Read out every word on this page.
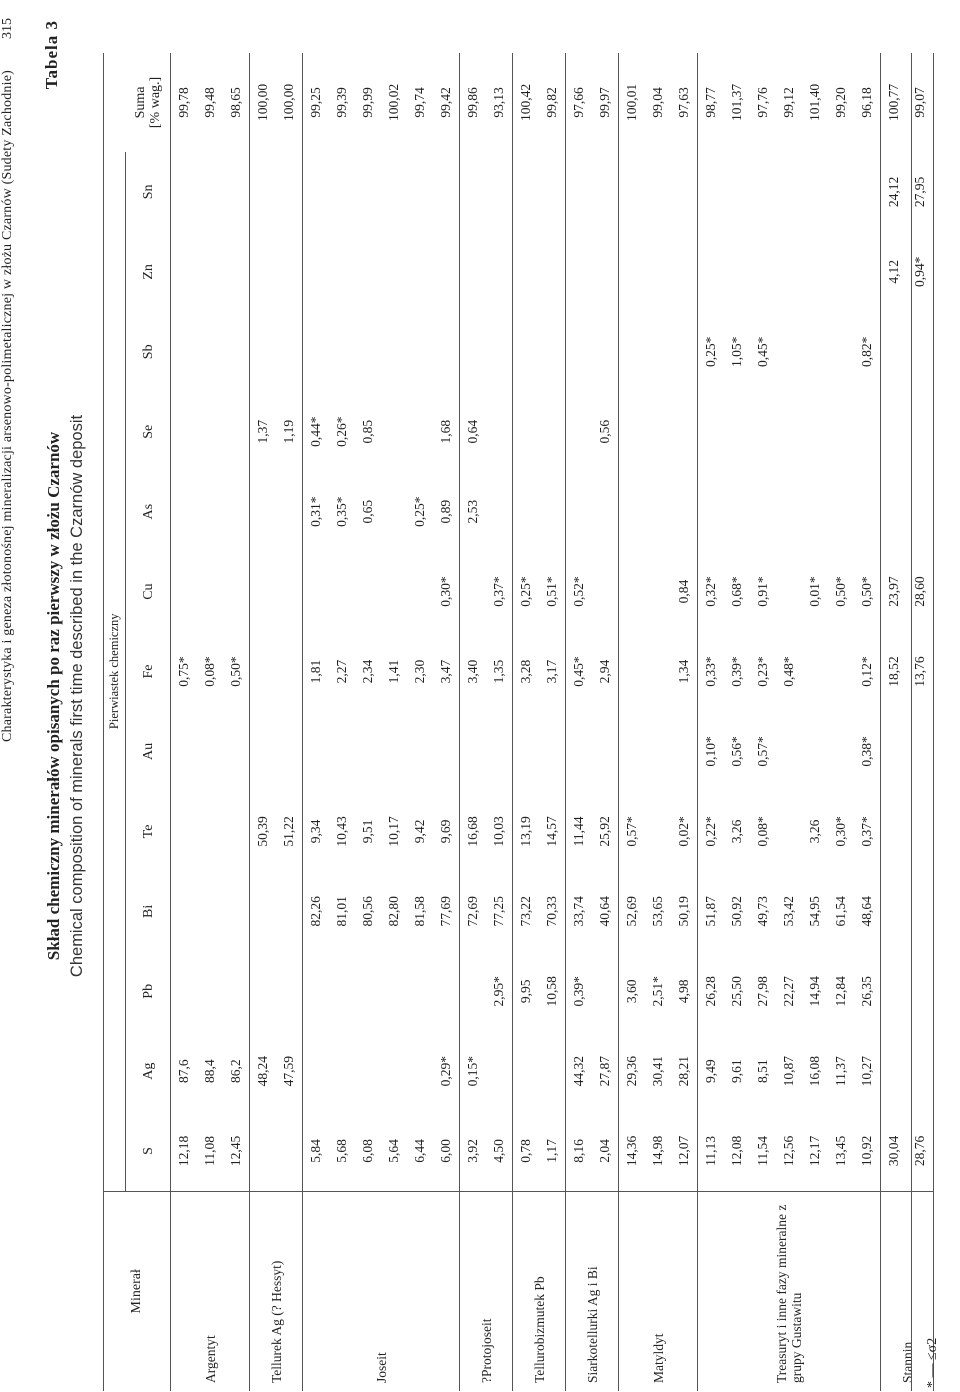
Charakterystyka i geneza złotonośnej mineralizacji arsenowo-polimetalicznej w złożu Czarnów (Sudety Zachodnie)
315 Tabela 3
Skład chemiczny minerałów opisanych po raz pierwszy w złożu Czarnów Chemical composition of minerals first time described in the Czarnów deposit
Minerał	Pierwiastek chemiczny													
	S	Ag	Pb	Bi	Te	Au	Fe	Cu	As	Se	Sb	Zn	Sn	Suma
[% wag.]
Argentyt	12,18	87,6					0,75*							99,78
	11,08	88,4					0,08*							99,48
	12,45	86,2					0,50*							98,65
Tellurek Ag (? Hessyt)		48,24			50,39					1,37				100,00
		47,59			51,22					1,19				100,00
Joseit	5,84			82,26	9,34		1,81		0,31*	0,44*				99,25
	5,68			81,01	10,43		2,27		0,35*	0,26*				99,39
	6,08			80,56	9,51		2,34		0,65	0,85				99,99
	5,64			82,80	10,17		1,41							100,02
	6,44			81,58	9,42		2,30		0,25*					99,74
	6,00	0,29*		77,69	9,69		3,47	0,30*	0,89	1,68				99,42
?Protojoseit	3,92	0,15*		72,69	16,68		3,40		2,53	0,64				99,86
	4,50		2,95*	77,25	10,03		1,35	0,37*						93,13
Tellurobizmutek Pb	0,78		9,95	73,22	13,19		3,28	0,25*						100,42
	1,17		10,58	70,33	14,57		3,17	0,51*						99,82
Siarkotellurki Ag i Bi	8,16	44,32	0,39*	33,74	11,44		0,45*	0,52*						97,66
	2,04	27,87		40,64	25,92		2,94			0,56				99,97
Matyldyt	14,36	29,36	3,60	52,69	0,57*									100,01
	14,98	30,41	2,51*	53,65										99,04
	12,07	28,21	4,98	50,19	0,02*		1,34	0,84						97,63
Treasuryt i inne fazy mineralne z grupy Gustawitu	11,13	9,49	26,28	51,87	0,22*	0,10*	0,33*	0,32*			0,25*			98,77
	12,08	9,61	25,50	50,92	3,26	0,56*	0,39*	0,68*			1,05*			101,37
	11,54	8,51	27,98	49,73	0,08*	0,57*	0,23*	0,91*			0,45*			97,76
	12,56	10,87	22,27	53,42			0,48*							99,12
	12,17	16,08	14,94	54,95	3,26			0,01*						101,40
	13,45	11,37	12,84	61,54	0,30*			0,50*						99,20
	10,92	10,27	26,35	48,64	0,37*	0,38*	0,12*	0,50*			0,82*			96,18
Stannin	30,04						18,52	23,97				4,12	24,12	100,77
	28,76						13,76	28,60				0,94*	27,95	99,07
* — ≤σ2
